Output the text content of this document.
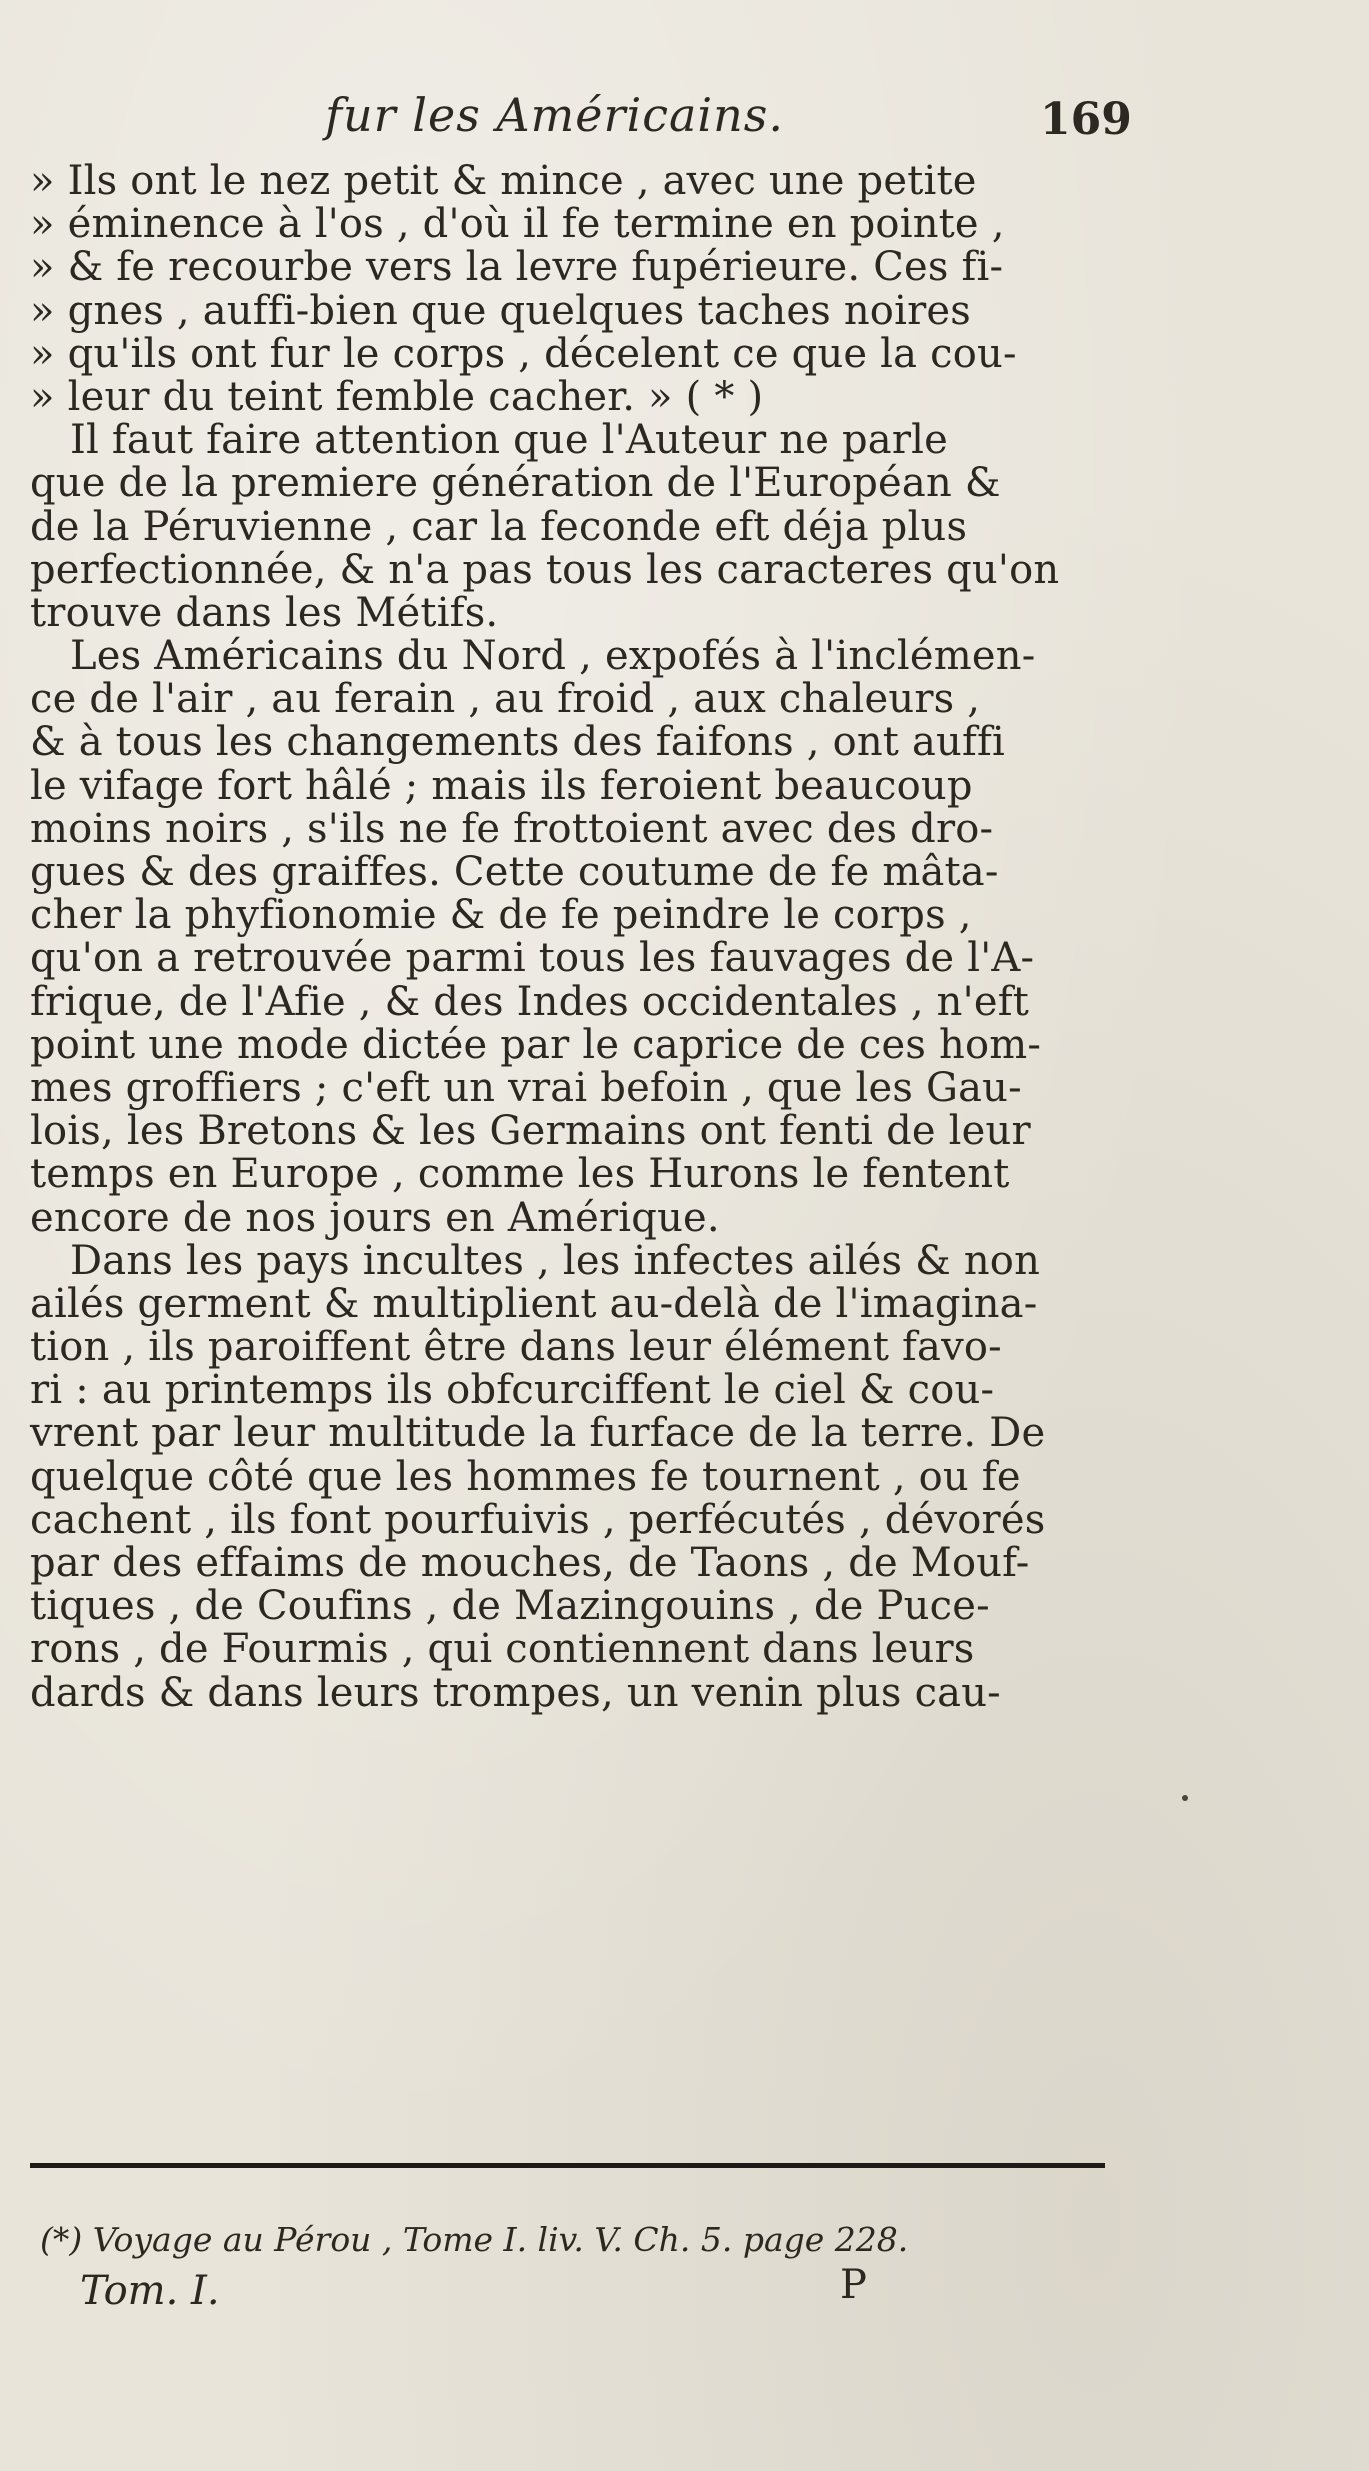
fur les Américains.	169
» Ils ont le nez petit & mince , avec une petite
» éminence à l'os , d'où il fe termine en pointe ,
» & fe recourbe vers la levre fupérieure. Ces fi-
» gnes , auffi-bien que quelques taches noires
» qu'ils ont fur le corps , décelent ce que la cou-
» leur du teint femble cacher. » ( * )
Il faut faire attention que l'Auteur ne parle
que de la premiere génération de l'Européan &
de la Péruvienne , car la feconde eft déja plus
perfectionnée, & n'a pas tous les caracteres qu'on
trouve dans les Métifs.
Les Américains du Nord , expofés à l'inclémen-
ce de l'air , au ferain , au froid , aux chaleurs ,
& à tous les changements des faifons , ont auffi
le vifage fort hâlé ; mais ils feroient beaucoup
moins noirs , s'ils ne fe frottoient avec des dro-
gues & des graiffes. Cette coutume de fe mâta-
cher la phyfionomie & de fe peindre le corps ,
qu'on a retrouvée parmi tous les fauvages de l'A-
frique, de l'Afie , & des Indes occidentales , n'eft
point une mode dictée par le caprice de ces hom-
mes groffiers ; c'eft un vrai befoin , que les Gau-
lois, les Bretons & les Germains ont fenti de leur
temps en Europe , comme les Hurons le fentent
encore de nos jours en Amérique.
Dans les pays incultes , les infectes ailés & non
ailés germent & multiplient au-delà de l'imagina-
tion , ils paroiffent être dans leur élément favo-
ri : au printemps ils obfcurciffent le ciel & cou-
vrent par leur multitude la furface de la terre. De
quelque côté que les hommes fe tournent , ou fe
cachent , ils font pourfuivis , perfécutés , dévorés
par des effaims de mouches, de Taons , de Mouf-
tiques , de Coufins , de Mazingouins , de Puce-
rons , de Fourmis , qui contiennent dans leurs
dards & dans leurs trompes, un venin plus cau-
(*) Voyage au Pérou , Tome I. liv. V. Ch. 5. page 228.
Tom. I.	P
